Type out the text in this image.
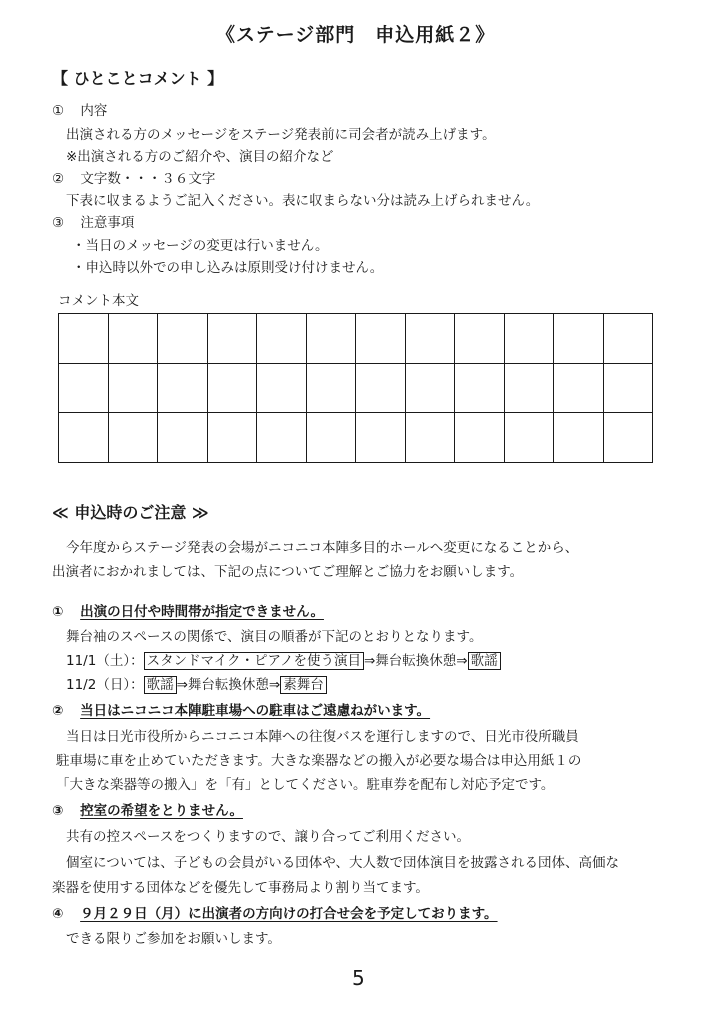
《ステージ部門　申込用紙２》
【 ひとことコメント 】
① 内容
出演される方のメッセージをステージ発表前に司会者が読み上げます。
※出演される方のご紹介や、演目の紹介など
② 文字数・・・３６文字
下表に収まるようご記入ください。表に収まらない分は読み上げられません。
③ 注意事項
・当日のメッセージの変更は行いません。
・申込時以外での申し込みは原則受け付けません。
コメント本文

≪ 申込時のご注意 ≫
今年度からステージ発表の会場がニコニコ本陣多目的ホールへ変更になることから、
出演者におかれましては、下記の点についてご理解とご協力をお願いします。
① 出演の日付や時間帯が指定できません。
舞台袖のスペースの関係で、演目の順番が下記のとおりとなります。
11/1（土）： スタンドマイク・ピアノを使う演目 ⇒舞台転換休憩⇒ 歌謡
11/2（日）： 歌謡 ⇒舞台転換休憩⇒ 素舞台
② 当日はニコニコ本陣駐車場への駐車はご遠慮ねがいます。
当日は日光市役所からニコニコ本陣への往復バスを運行しますので、日光市役所職員
駐車場に車を止めていただきます。大きな楽器などの搬入が必要な場合は申込用紙１の
「大きな楽器等の搬入」を「有」としてください。駐車券を配布し対応予定です。
③ 控室の希望をとりません。
共有の控スペースをつくりますので、譲り合ってご利用ください。
個室については、子どもの会員がいる団体や、大人数で団体演目を披露される団体、高価な
楽器を使用する団体などを優先して事務局より割り当てます。
④ ９月２９日（月）に出演者の方向けの打合せ会を予定しております。
できる限りご参加をお願いします。
5
